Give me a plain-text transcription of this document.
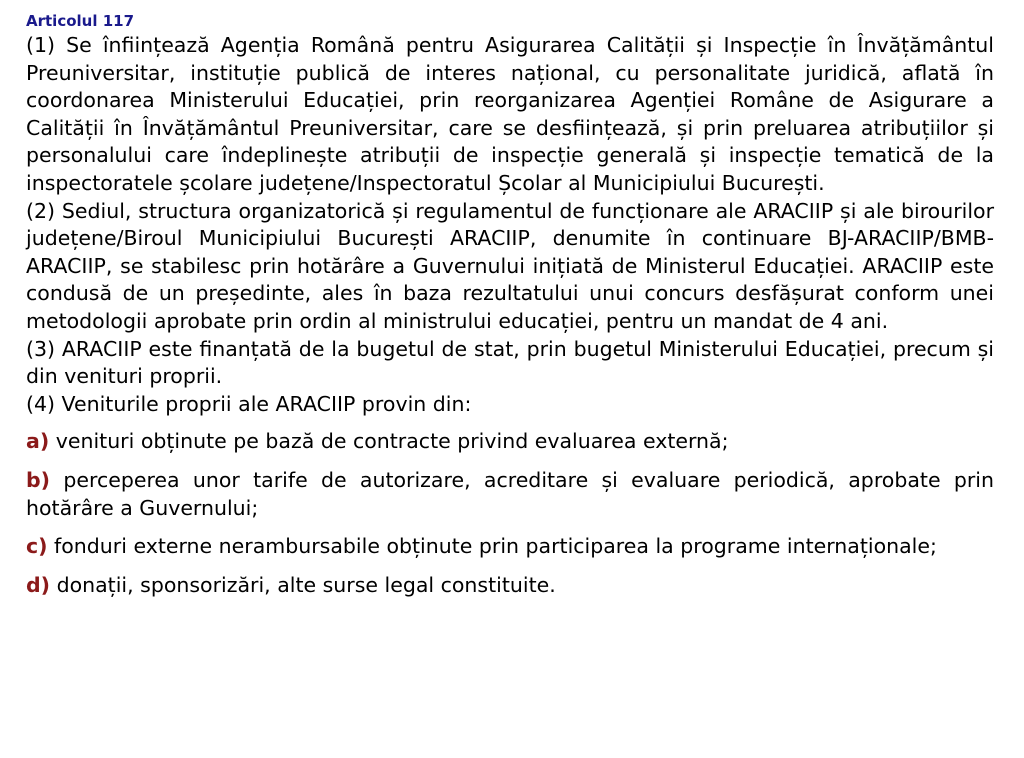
Articolul 117

(1) Se înființează Agenția Română pentru Asigurarea Calității și Inspecție în Învățământul Preuniversitar, instituție publică de interes național, cu personalitate juridică, aflată în coordonarea Ministerului Educației, prin reorganizarea Agenției Române de Asigurare a Calității în Învățământul Preuniversitar, care se desființează, și prin preluarea atribuțiilor și personalului care îndeplinește atribuții de inspecție generală și inspecție tematică de la inspectoratele școlare județene/Inspectoratul Școlar al Municipiului București.

(2) Sediul, structura organizatorică și regulamentul de funcționare ale ARACIIP și ale birourilor județene/Biroul Municipiului București ARACIIP, denumite în continuare BJ-ARACIIP/BMB-ARACIIP, se stabilesc prin hotărâre a Guvernului inițiată de Ministerul Educației. ARACIIP este condusă de un președinte, ales în baza rezultatului unui concurs desfășurat conform unei metodologii aprobate prin ordin al ministrului educației, pentru un mandat de 4 ani.

(3) ARACIIP este finanțată de la bugetul de stat, prin bugetul Ministerului Educației, precum și din venituri proprii.

(4) Veniturile proprii ale ARACIIP provin din:

a) venituri obținute pe bază de contracte privind evaluarea externă;

b) perceperea unor tarife de autorizare, acreditare și evaluare periodică, aprobate prin hotărâre a Guvernului;

c) fonduri externe nerambursabile obținute prin participarea la programe internaționale;

d) donații, sponsorizări, alte surse legal constituite.
